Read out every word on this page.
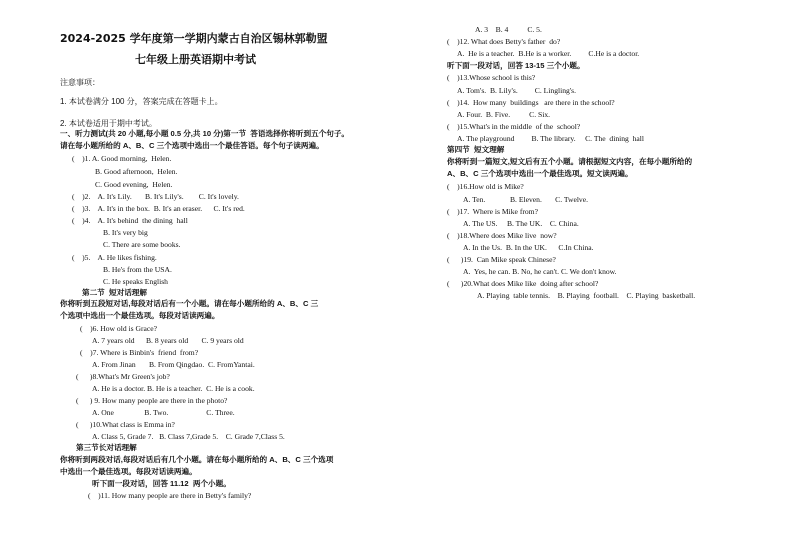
2024-2025 学年度第一学期内蒙古自治区锡林郭勒盟
七年级上册英语期中考试
注意事项：
1. 本试卷满分 100 分，答案完成在答题卡上。
2. 本试卷适用于期中考试。
一、听力测试(共 20 小题,每小题 0.5 分,共 10 分)第一节  答语选择你将听到五个句子。
请在每小题所给的 A、B、C 三个选项中选出一个最佳答语。每个句子读两遍。
(    )1. A. Good morning,  Helen.
B. Good afternoon,  Helen.
C. Good evening,  Helen.
(    )2.    A. It's Lily.       B. It's Lily's.        C. It's lovely.
(    )3.    A. It's in the box.  B. It's an eraser.      C. It's red.
(    )4.    A. It's behind  the dining  hall
B. It's very big
C. There are some books.
(    )5.    A. He likes fishing.
B. He's from the USA.
C. He speaks English
第二节  短对话理解
你将听到五段短对话,每段对话后有一个小题。请在每小题所给的 A、B、C 三
个选项中选出一个最佳选项。每段对话读两遍。
(    )6. How old is Grace?
A. 7 years old      B. 8 years old       C. 9 years old
(    )7. Where is Binbin's  friend  from?
A. From Jinan       B. From Qingdao.  C. FromYantai.
(      )8.What's Mr Green's job?
A. He is a doctor. B. He is a teacher.  C. He is a cook.
(      ) 9. How many people are there in the photo?
A. One                B. Two.                    C. Three.
(      )10.What class is Emma in?
A. Class 5, Grade 7.   B. Class 7,Grade 5.    C. Grade 7,Class 5.
第三节长对话理解
你将听到两段对话,每段对话后有几个小题。请在每小题所给的 A、B、C 三个选项
中选出一个最佳选项。每段对话读两遍。
听下面一段对话，回答 11.12  两个小题。
(    )11. How many people are there in Betty's family?
A. 3    B. 4          C. 5.
(    )12. What does Betty's father  do?
A.  He is a teacher.  B.He is a worker.         C.He is a doctor.
听下面一段对话，回答 13-15 三个小题。
(    )13.Whose school is this?
A. Tom's.  B. Lily's.         C. Lingling's.
(    )14.  How many  buildings   are there in the school?
A. Four.  B. Five.          C. Six.
(    )15.What's in the middle  of the  school?
A. The playground         B. The library.     C. The  dining  hall
第四节  短文理解
你将听到一篇短文,短文后有五个小题。请根据短文内容，在每小题所给的
A、B、C 三个选项中选出一个最佳选项。短文读两遍。
(    )16.How old is Mike?
A. Ten.             B. Eleven.       C. Twelve.
(    )17.  Where is Mike from?
A. The US.     B. The UK.    C. China.
(    )18.Where does Mike live  now?
A. In the Us.  B. In the UK.      C.In China.
(      )19.  Can Mike speak Chinese?
A.  Yes, he can. B. No, he can't. C. We don't know.
(      )20.What does Mike like  doing after school?
A. Playing  table tennis.    B. Playing  football.    C. Playing  basketball.
